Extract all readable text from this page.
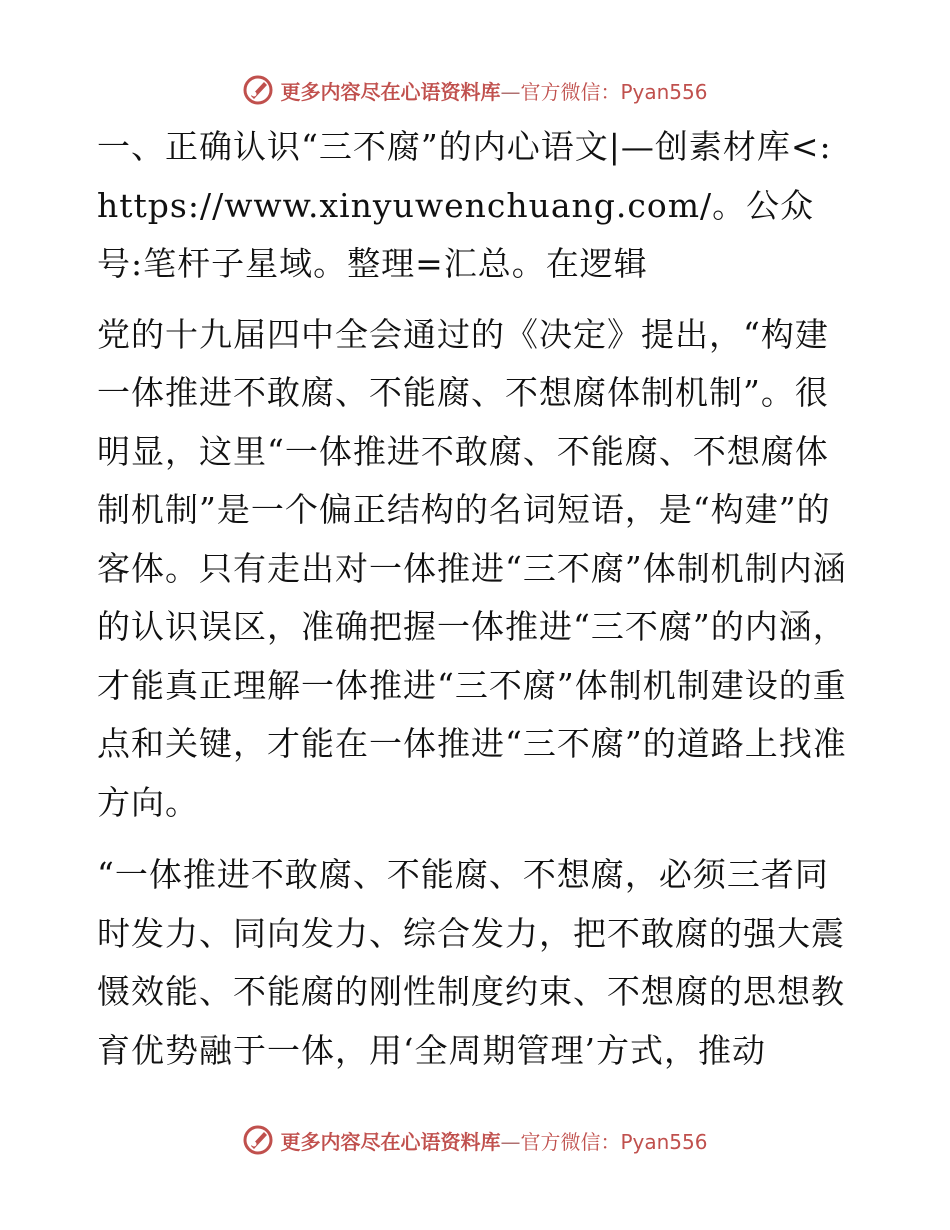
更多内容尽在心语资料库—官方微信：Pyan556

一、正确认识“三不腐”的内心语文|—创素材库<: https://www.xinyuwenchuang.com/。公众号:笔杆子星域。整理=汇总。在逻辑

党的十九届四中全会通过的《决定》提出，“构建一体推进不敢腐、不能腐、不想腐体制机制”。很明显，这里“一体推进不敢腐、不能腐、不想腐体制机制”是一个偏正结构的名词短语，是“构建”的客体。只有走出对一体推进“三不腐”体制机制内涵的认识误区，准确把握一体推进“三不腐”的内涵，才能真正理解一体推进“三不腐”体制机制建设的重点和关键，才能在一体推进“三不腐”的道路上找准方向。

“一体推进不敢腐、不能腐、不想腐，必须三者同时发力、同向发力、综合发力，把不敢腐的强大震慑效能、不能腐的刚性制度约束、不想腐的思想教育优势融于一体，用‘全周期管理’方式，推动

更多内容尽在心语资料库—官方微信：Pyan556
